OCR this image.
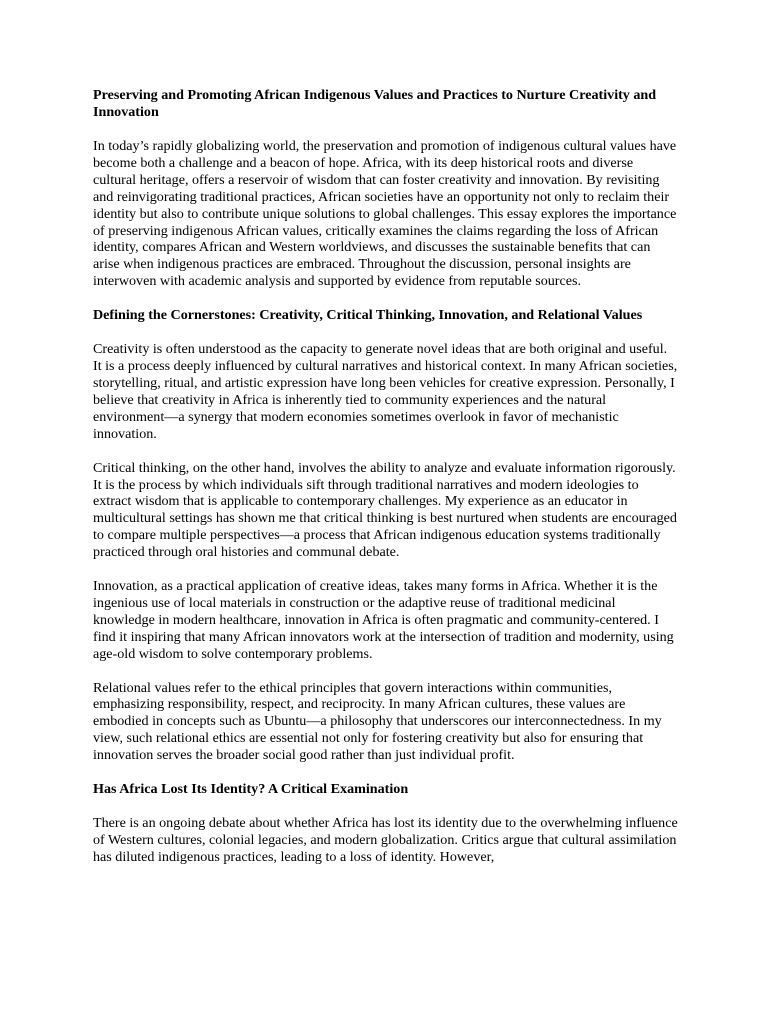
Preserving and Promoting African Indigenous Values and Practices to Nurture Creativity and Innovation

In today’s rapidly globalizing world, the preservation and promotion of indigenous cultural values have become both a challenge and a beacon of hope. Africa, with its deep historical roots and diverse cultural heritage, offers a reservoir of wisdom that can foster creativity and innovation. By revisiting and reinvigorating traditional practices, African societies have an opportunity not only to reclaim their identity but also to contribute unique solutions to global challenges. This essay explores the importance of preserving indigenous African values, critically examines the claims regarding the loss of African identity, compares African and Western worldviews, and discusses the sustainable benefits that can arise when indigenous practices are embraced. Throughout the discussion, personal insights are interwoven with academic analysis and supported by evidence from reputable sources.

Defining the Cornerstones: Creativity, Critical Thinking, Innovation, and Relational Values

Creativity is often understood as the capacity to generate novel ideas that are both original and useful. It is a process deeply influenced by cultural narratives and historical context. In many African societies, storytelling, ritual, and artistic expression have long been vehicles for creative expression. Personally, I believe that creativity in Africa is inherently tied to community experiences and the natural environment—a synergy that modern economies sometimes overlook in favor of mechanistic innovation.

Critical thinking, on the other hand, involves the ability to analyze and evaluate information rigorously. It is the process by which individuals sift through traditional narratives and modern ideologies to extract wisdom that is applicable to contemporary challenges. My experience as an educator in multicultural settings has shown me that critical thinking is best nurtured when students are encouraged to compare multiple perspectives—a process that African indigenous education systems traditionally practiced through oral histories and communal debate.

Innovation, as a practical application of creative ideas, takes many forms in Africa. Whether it is the ingenious use of local materials in construction or the adaptive reuse of traditional medicinal knowledge in modern healthcare, innovation in Africa is often pragmatic and community-centered. I find it inspiring that many African innovators work at the intersection of tradition and modernity, using age-old wisdom to solve contemporary problems.

Relational values refer to the ethical principles that govern interactions within communities, emphasizing responsibility, respect, and reciprocity. In many African cultures, these values are embodied in concepts such as Ubuntu—a philosophy that underscores our interconnectedness. In my view, such relational ethics are essential not only for fostering creativity but also for ensuring that innovation serves the broader social good rather than just individual profit.

Has Africa Lost Its Identity? A Critical Examination

There is an ongoing debate about whether Africa has lost its identity due to the overwhelming influence of Western cultures, colonial legacies, and modern globalization. Critics argue that cultural assimilation has diluted indigenous practices, leading to a loss of identity. However,
